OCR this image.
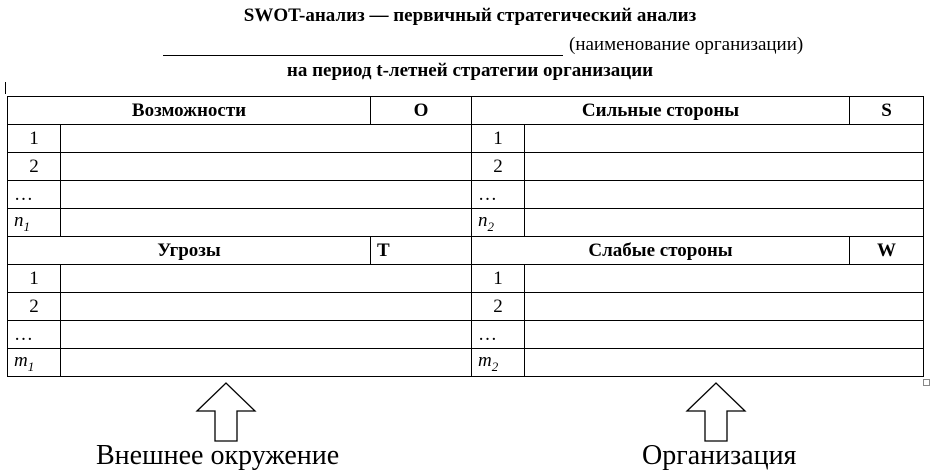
SWOT-анализ — первичный стратегический анализ
(наименование организации)
на период t-летней стратегии организации
Возможности		O	Сильные стороны		S
1			1		
2			2		
…			…		
$n_1$			$n_2$	
Угрозы		T	Слабые стороны		W
1			1		
2			2		
…			…		
$m_1$			$m_2$	
Внешнее окружение	Организация
